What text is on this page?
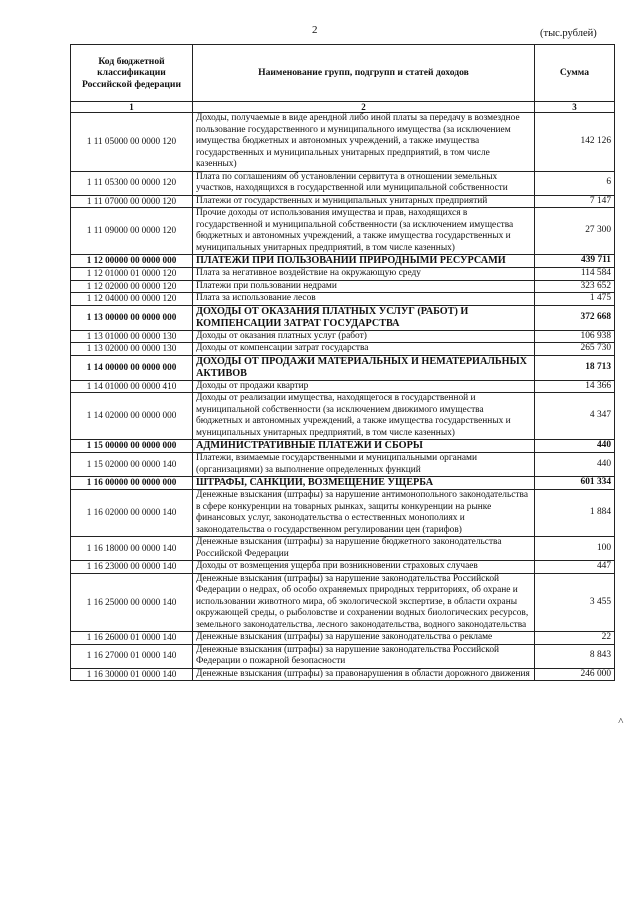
2	(тыс.рублей)
Код бюджетной классификации Российской федерации	Наименование групп, подгрупп и статей доходов	Сумма
1	2	3
1 11 05000 00 0000 120	Доходы, получаемые в виде арендной либо иной платы за передачу в возмездное пользование государственного и муниципального имущества (за исключением имущества бюджетных и автономных учреждений, а также имущества государственных и муниципальных унитарных предприятий, в том числе казенных)	142 126
1 11 05300 00 0000 120	Плата по соглашениям об установлении сервитута в отношении земельных участков, находящихся в государственной или муниципальной собственности	6
1 11 07000 00 0000 120	Платежи от государственных и муниципальных унитарных предприятий	7 147
1 11 09000 00 0000 120	Прочие доходы от использования имущества и прав, находящихся в государственной и муниципальной собственности (за исключением имущества бюджетных и автономных учреждений, а также имущества государственных и муниципальных унитарных предприятий, в том числе казенных)	27 300
1 12 00000 00 0000 000	ПЛАТЕЖИ ПРИ ПОЛЬЗОВАНИИ ПРИРОДНЫМИ РЕСУРСАМИ	439 711
1 12 01000 01 0000 120	Плата за негативное воздействие на окружающую среду	114 584
1 12 02000 00 0000 120	Платежи при пользовании недрами	323 652
1 12 04000 00 0000 120	Плата за использование лесов	1 475
1 13 00000 00 0000 000	ДОХОДЫ ОТ ОКАЗАНИЯ ПЛАТНЫХ УСЛУГ (РАБОТ) И КОМПЕНСАЦИИ ЗАТРАТ ГОСУДАРСТВА	372 668
1 13 01000 00 0000 130	Доходы от оказания платных услуг (работ)	106 938
1 13 02000 00 0000 130	Доходы от компенсации затрат государства	265 730
1 14 00000 00 0000 000	ДОХОДЫ ОТ ПРОДАЖИ МАТЕРИАЛЬНЫХ И НЕМАТЕРИАЛЬНЫХ АКТИВОВ	18 713
1 14 01000 00 0000 410	Доходы от продажи квартир	14 366
1 14 02000 00 0000 000	Доходы от реализации имущества, находящегося в государственной и муниципальной собственности (за исключением движимого имущества бюджетных и автономных учреждений, а также имущества государственных и муниципальных унитарных предприятий, в том числе казенных)	4 347
1 15 00000 00 0000 000	АДМИНИСТРАТИВНЫЕ ПЛАТЕЖИ И СБОРЫ	440
1 15 02000 00 0000 140	Платежи, взимаемые государственными и муниципальными органами (организациями) за выполнение определенных функций	440
1 16 00000 00 0000 000	ШТРАФЫ, САНКЦИИ, ВОЗМЕЩЕНИЕ УЩЕРБА	601 334
1 16 02000 00 0000 140	Денежные взыскания (штрафы) за нарушение антимонопольного законодательства в сфере конкуренции на товарных рынках, защиты конкуренции на рынке финансовых услуг, законодательства о естественных монополиях и законодательства о государственном регулировании цен (тарифов)	1 884
1 16 18000 00 0000 140	Денежные взыскания (штрафы) за нарушение бюджетного законодательства Российской Федерации	100
1 16 23000 00 0000 140	Доходы от возмещения ущерба при возникновении страховых случаев	447
1 16 25000 00 0000 140	Денежные взыскания (штрафы) за нарушение законодательства Российской Федерации о недрах, об особо охраняемых природных территориях, об охране и использовании животного мира, об экологической экспертизе, в области охраны окружающей среды, о рыболовстве и сохранении водных биологических ресурсов, земельного законодательства, лесного законодательства, водного законодательства	3 455
1 16 26000 01 0000 140	Денежные взыскания (штрафы) за нарушение законодательства о рекламе	22
1 16 27000 01 0000 140	Денежные взыскания (штрафы) за нарушение законодательства Российской Федерации о пожарной безопасности	8 843
1 16 30000 01 0000 140	Денежные взыскания (штрафы) за правонарушения в области дорожного движения	246 000
˄
